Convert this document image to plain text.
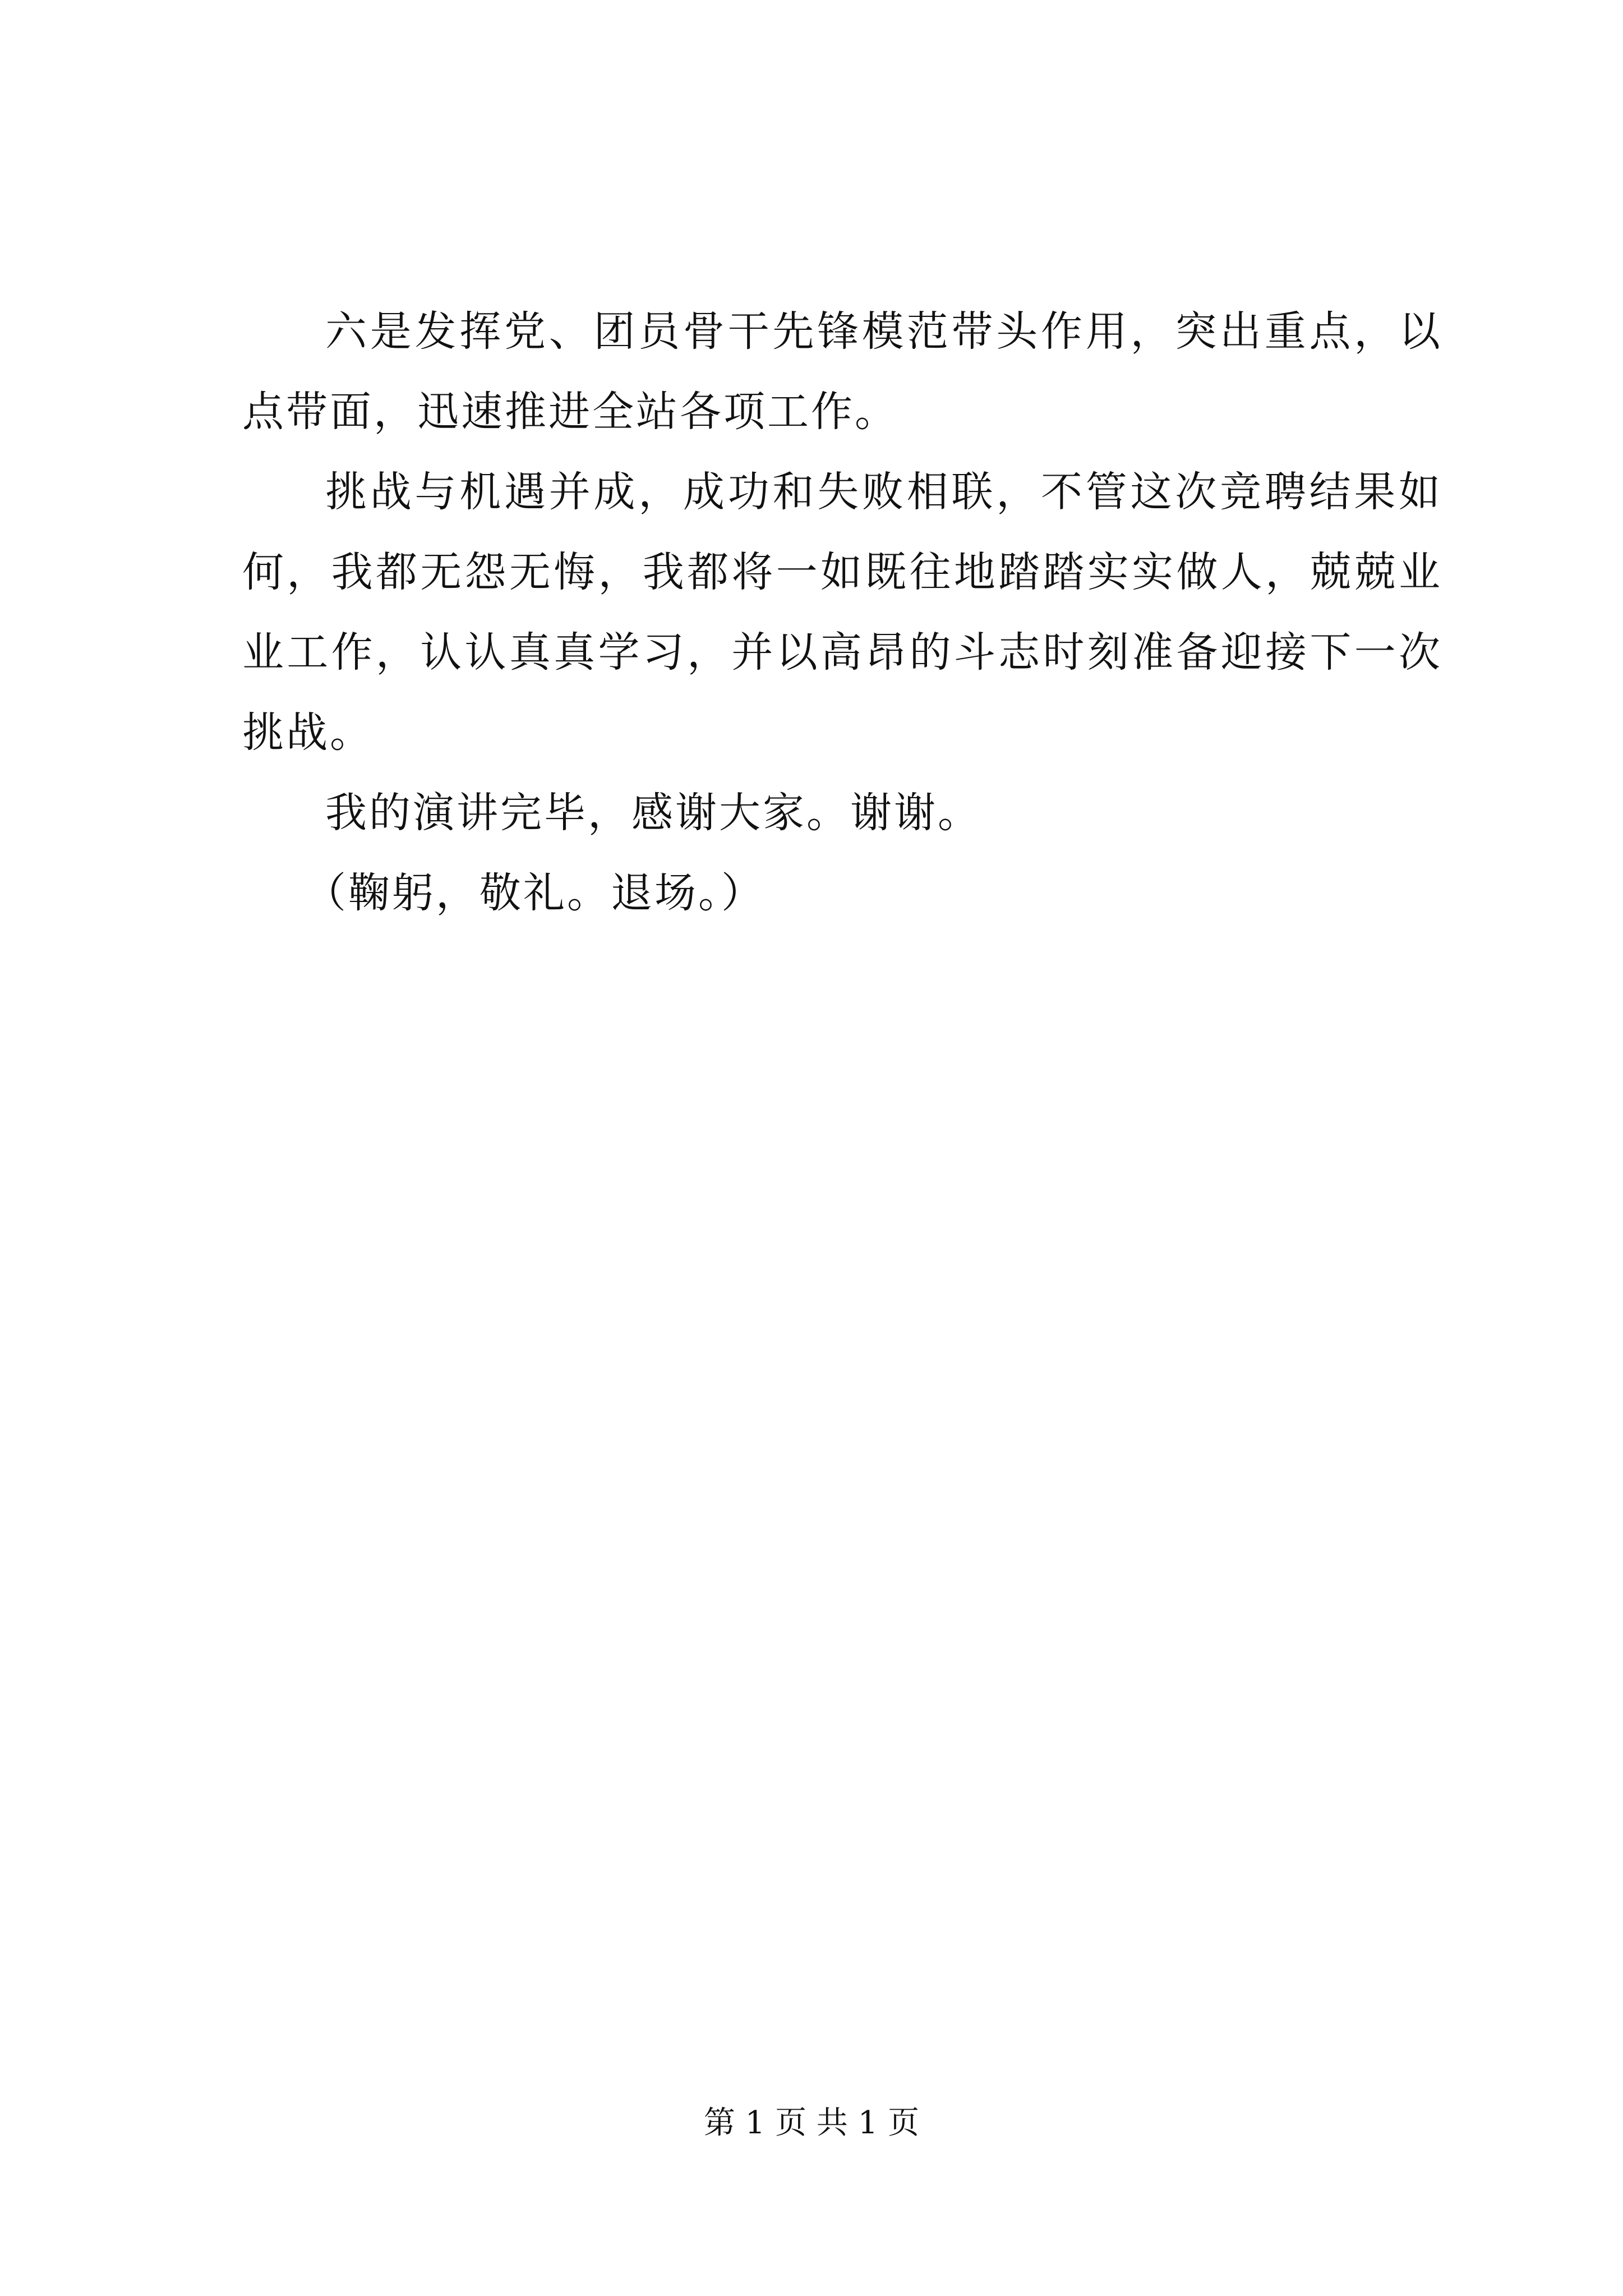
六是发挥党、团员骨干先锋模范带头作用，突出重点，以点带面，迅速推进全站各项工作。

挑战与机遇并成，成功和失败相联，不管这次竞聘结果如何，我都无怨无悔，我都将一如既往地踏踏实实做人，兢兢业业工作，认认真真学习，并以高昂的斗志时刻准备迎接下一次挑战。

我的演讲完毕，感谢大家。谢谢。

（鞠躬，敬礼。退场。）

第 1 页 共 1 页
